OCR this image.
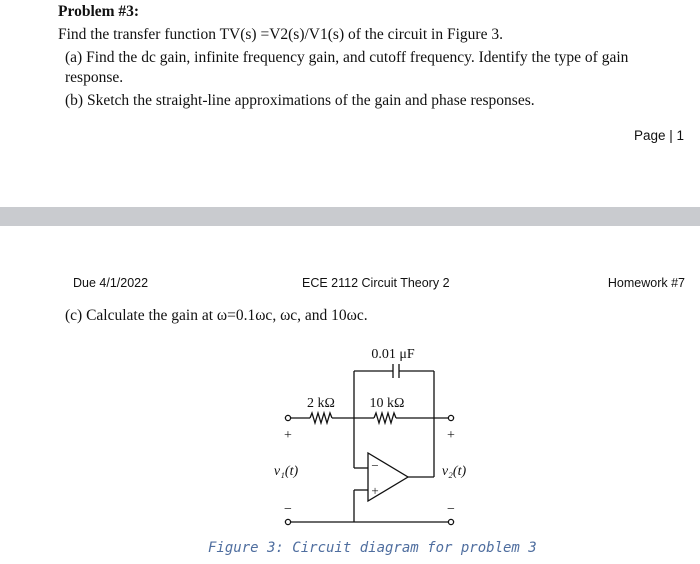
Problem #3:
Find the transfer function TV(s) =V2(s)/V1(s) of the circuit in Figure 3.
(a) Find the dc gain, infinite frequency gain, and cutoff frequency. Identify the type of gain
response.
(b) Sketch the straight-line approximations of the gain and phase responses.
Page | 1
Due 4/1/2022	ECE 2112 Circuit Theory 2	Homework #7
(c) Calculate the gain at ω=0.1ωc, ωc, and 10ωc.
0.01 μF
2 kΩ 10 kΩ
+
v₁(t)
−
+
v₂(t)
−
−
+
Figure 3: Circuit diagram for problem 3
